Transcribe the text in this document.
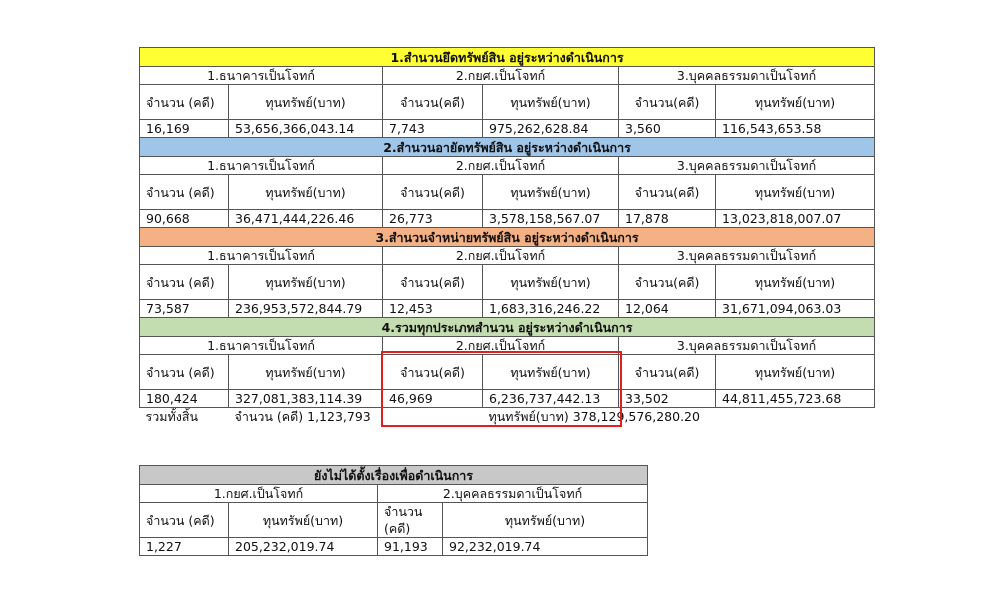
1.สำนวนยึดทรัพย์สิน อยู่ระหว่างดำเนินการ					
1.ธนาคารเป็นโจทก์		2.กยศ.เป็นโจทก์		3.บุคคลธรรมดาเป็นโจทก์	
จำนวน (คดี)	ทุนทรัพย์(บาท)	จำนวน(คดี)	ทุนทรัพย์(บาท)	จำนวน(คดี)	ทุนทรัพย์(บาท)
16,169	53,656,366,043.14	7,743	975,262,628.84	3,560	116,543,653.58
2.สำนวนอายัดทรัพย์สิน อยู่ระหว่างดำเนินการ					
1.ธนาคารเป็นโจทก์		2.กยศ.เป็นโจทก์		3.บุคคลธรรมดาเป็นโจทก์	
จำนวน (คดี)	ทุนทรัพย์(บาท)	จำนวน(คดี)	ทุนทรัพย์(บาท)	จำนวน(คดี)	ทุนทรัพย์(บาท)
90,668	36,471,444,226.46	26,773	3,578,158,567.07	17,878	13,023,818,007.07
3.สำนวนจำหน่ายทรัพย์สิน อยู่ระหว่างดำเนินการ					
1.ธนาคารเป็นโจทก์		2.กยศ.เป็นโจทก์		3.บุคคลธรรมดาเป็นโจทก์	
จำนวน (คดี)	ทุนทรัพย์(บาท)	จำนวน(คดี)	ทุนทรัพย์(บาท)	จำนวน(คดี)	ทุนทรัพย์(บาท)
73,587	236,953,572,844.79	12,453	1,683,316,246.22	12,064	31,671,094,063.03
4.รวมทุกประเภทสำนวน อยู่ระหว่างดำเนินการ					
1.ธนาคารเป็นโจทก์		2.กยศ.เป็นโจทก์		3.บุคคลธรรมดาเป็นโจทก์	
จำนวน (คดี)	ทุนทรัพย์(บาท)	จำนวน(คดี)	ทุนทรัพย์(บาท)	จำนวน(คดี)	ทุนทรัพย์(บาท)
180,424	327,081,383,114.39	46,969	6,236,737,442.13	33,502	44,811,455,723.68
รวมทั้งสิ้น	จำนวน (คดี) 1,123,793		ทุนทรัพย์(บาท) 378,129,576,280.20		
ยังไม่ได้ตั้งเรื่องเพื่อดำเนินการ			
1.กยศ.เป็นโจทก์		2.บุคคลธรรมดาเป็นโจทก์	
จำนวน (คดี)	ทุนทรัพย์(บาท)	จำนวน (คดี)	ทุนทรัพย์(บาท)
1,227	205,232,019.74	91,193	92,232,019.74
